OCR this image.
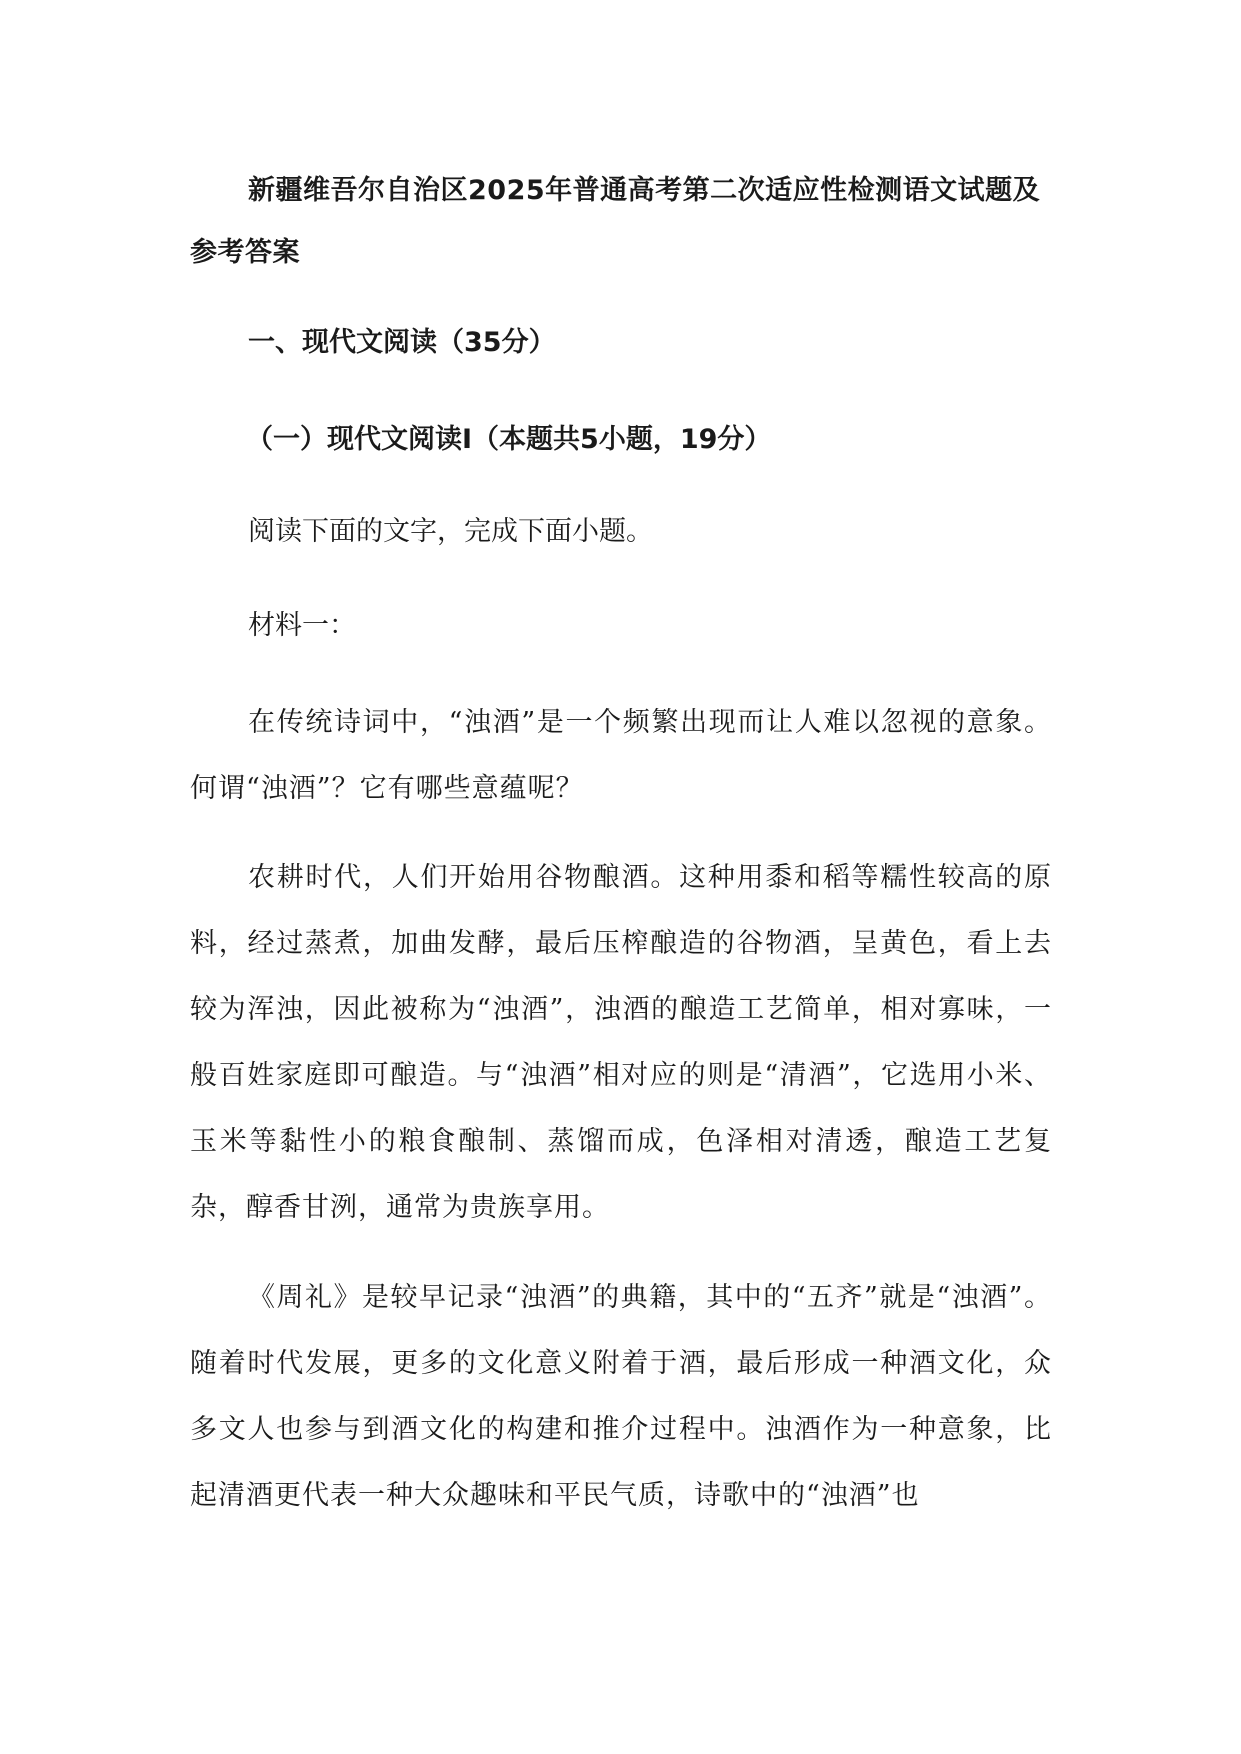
新疆维吾尔自治区2025年普通高考第二次适应性检测语文试题及参考答案
一、现代文阅读（35分）
（一）现代文阅读Ⅰ（本题共5小题，19分）

阅读下面的文字，完成下面小题。

材料一：

在传统诗词中，“浊酒”是一个频繁出现而让人难以忽视的意象。何谓“浊酒”？它有哪些意蕴呢？

农耕时代，人们开始用谷物酿酒。这种用黍和稻等糯性较高的原料，经过蒸煮，加曲发酵，最后压榨酿造的谷物酒，呈黄色，看上去较为浑浊，因此被称为“浊酒”，浊酒的酿造工艺简单，相对寡味，一般百姓家庭即可酿造。与“浊酒”相对应的则是“清酒”，它选用小米、玉米等黏性小的粮食酿制、蒸馏而成，色泽相对清透，酿造工艺复杂，醇香甘洌，通常为贵族享用。

《周礼》是较早记录“浊酒”的典籍，其中的“五齐”就是“浊酒”。随着时代发展，更多的文化意义附着于酒，最后形成一种酒文化，众多文人也参与到酒文化的构建和推介过程中。浊酒作为一种意象，比起清酒更代表一种大众趣味和平民气质，诗歌中的“浊酒”也
